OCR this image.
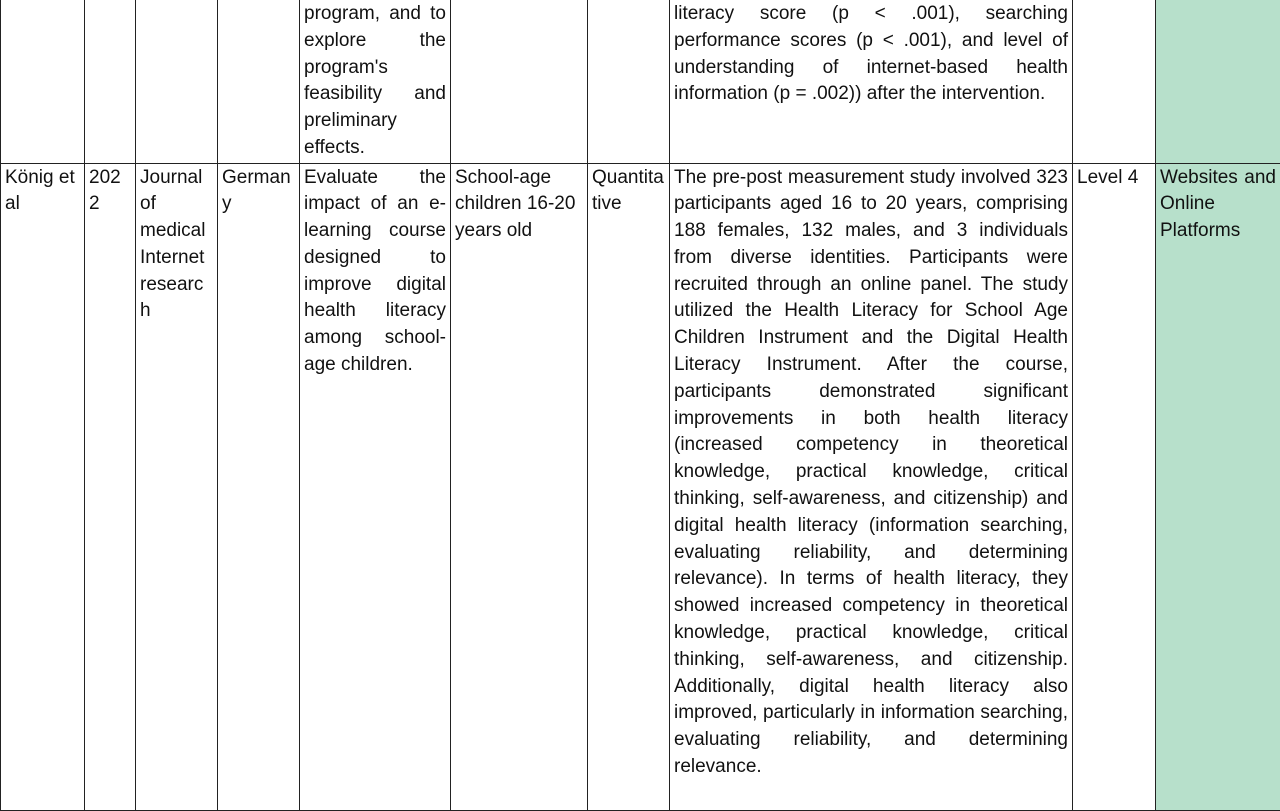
				program, and to explore the program's feasibility and preliminary effects.			literacy score (p < .001), searching performance scores (p < .001), and level of understanding of internet-based health information (p = .002)) after the intervention.		
König et al	2022	Journal of medical Internet research	Germany	Evaluate the impact of an e-learning course designed to improve digital health literacy among school-age children.	School-age children 16-20 years old	Quantitative	The pre-post measurement study involved 323 participants aged 16 to 20 years, comprising 188 females, 132 males, and 3 individuals from diverse identities. Participants were recruited through an online panel. The study utilized the Health Literacy for School Age Children Instrument and the Digital Health Literacy Instrument. After the course, participants demonstrated significant improvements in both health literacy (increased competency in theoretical knowledge, practical knowledge, critical thinking, self-awareness, and citizenship) and digital health literacy (information searching, evaluating reliability, and determining relevance). In terms of health literacy, they showed increased competency in theoretical knowledge, practical knowledge, critical thinking, self-awareness, and citizenship. Additionally, digital health literacy also improved, particularly in information searching, evaluating reliability, and determining relevance.	Level 4	Websites and Online Platforms
